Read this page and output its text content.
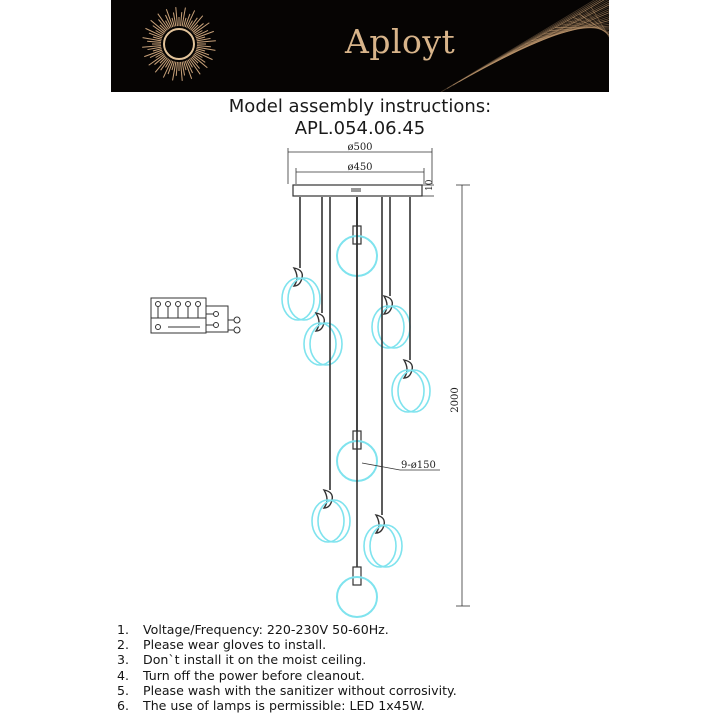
Aployt
Model assembly instructions:
APL.054.06.45
ø500
ø450
10
2000
9-ø150
1.	Voltage/Frequency: 220-230V 50-60Hz.
2.	Please wear gloves to install.
3.	Don`t install it on the moist ceiling.
4.	Turn off the power before cleanout.
5.	Please wash with the sanitizer without corrosivity.
6.	The use of lamps is permissible: LED 1x45W.
